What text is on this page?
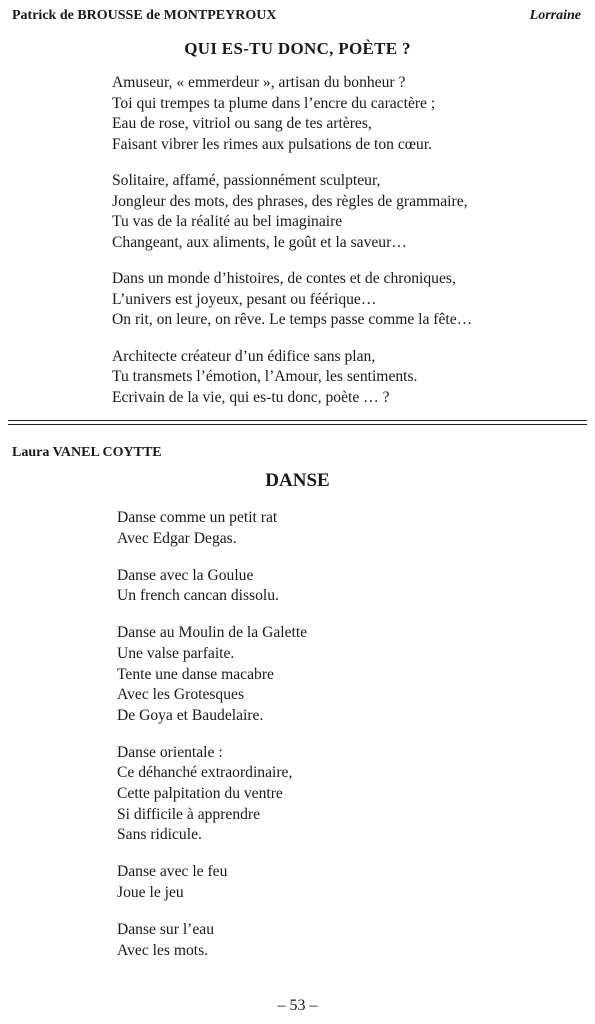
Patrick de BROUSSE de MONTPEYROUX	Lorraine
QUI ES-TU DONC, POÈTE ?
Amuseur, « emmerdeur », artisan du bonheur ?
Toi qui trempes ta plume dans l’encre du caractère ;
Eau de rose, vitriol ou sang de tes artères,
Faisant vibrer les rimes aux pulsations de ton cœur.
Solitaire, affamé, passionnément sculpteur,
Jongleur des mots, des phrases, des règles de grammaire,
Tu vas de la réalité au bel imaginaire
Changeant, aux aliments, le goût et la saveur…
Dans un monde d’histoires, de contes et de chroniques,
L’univers est joyeux, pesant ou féérique…
On rit, on leure, on rêve. Le temps passe comme la fête…
Architecte créateur d’un édifice sans plan,
Tu transmets l’émotion, l’Amour, les sentiments.
Ecrivain de la vie, qui es-tu donc, poète … ?
Laura VANEL COYTTE
DANSE
Danse comme un petit rat
Avec Edgar Degas.
Danse avec la Goulue
Un french cancan dissolu.
Danse au Moulin de la Galette
Une valse parfaite.
Tente une danse macabre
Avec les Grotesques
De Goya et Baudelaire.
Danse orientale :
Ce déhanché extraordinaire,
Cette palpitation du ventre
Si difficile à apprendre
Sans ridicule.
Danse avec le feu
Joue le jeu
Danse sur l’eau
Avec les mots.
– 53 –
